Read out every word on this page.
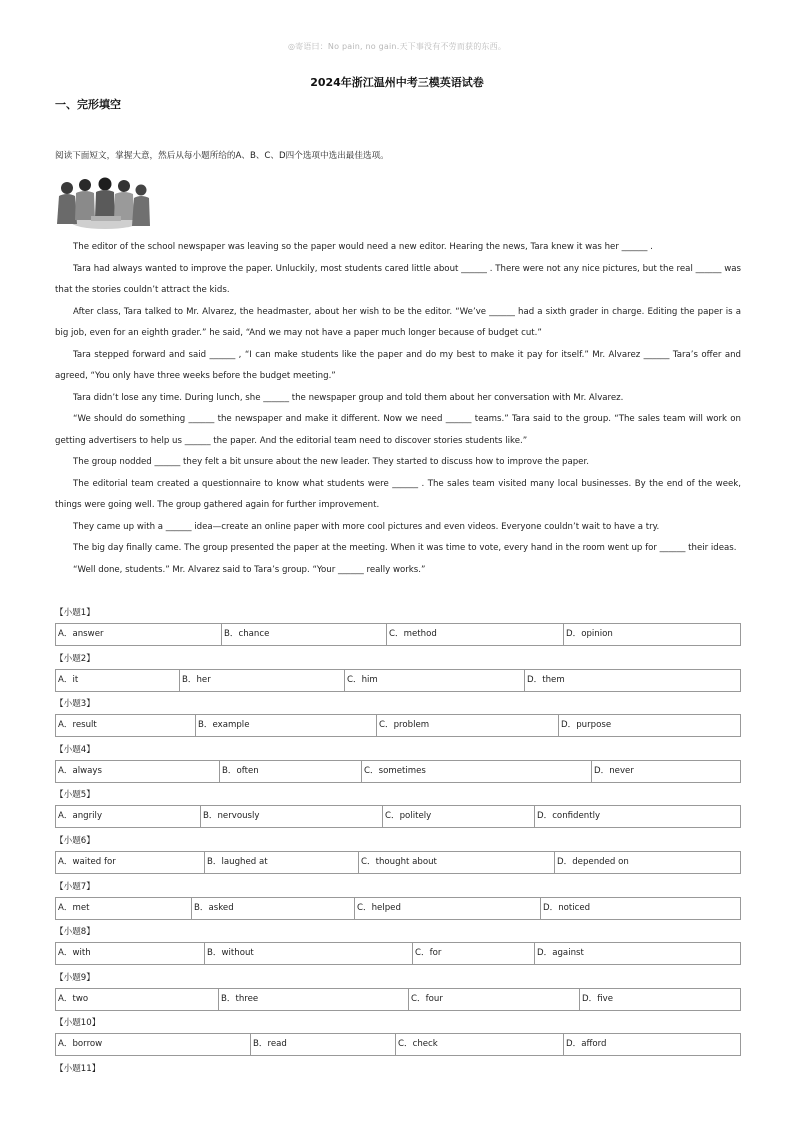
◎寄语曰：No pain, no gain.天下事没有不劳而获的东西。
2024年浙江温州中考三模英语试卷
一、完形填空
阅读下面短文，掌握大意，然后从每小题所给的A、B、C、D四个选项中选出最佳选项。

The editor of the school newspaper was leaving so the paper would need a new editor. Hearing the news, Tara knew it was her ______ .

Tara had always wanted to improve the paper. Unluckily, most students cared little about ______ . There were not any nice pictures, but the real ______ was that the stories couldn’t attract the kids.

After class, Tara talked to Mr. Alvarez, the headmaster, about her wish to be the editor. “We’ve ______ had a sixth grader in charge. Editing the paper is a big job, even for an eighth grader.” he said, “And we may not have a paper much longer because of budget cut.”

Tara stepped forward and said ______ , “I can make students like the paper and do my best to make it pay for itself.” Mr. Alvarez ______ Tara’s offer and agreed, “You only have three weeks before the budget meeting.”

Tara didn’t lose any time. During lunch, she ______ the newspaper group and told them about her conversation with Mr. Alvarez.

“We should do something ______ the newspaper and make it different. Now we need ______ teams.” Tara said to the group. “The sales team will work on getting advertisers to help us ______ the paper. And the editorial team need to discover stories students like.”

The group nodded ______ they felt a bit unsure about the new leader. They started to discuss how to improve the paper.

The editorial team created a questionnaire to know what students were ______ . The sales team visited many local businesses. By the end of the week, things were going well. The group gathered again for further improvement.

They came up with a ______ idea—create an online paper with more cool pictures and even videos. Everyone couldn’t wait to have a try.

The big day finally came. The group presented the paper at the meeting. When it was time to vote, every hand in the room went up for ______ their ideas.

“Well done, students.” Mr. Alvarez said to Tara’s group. “Your ______ really works.”

【小题1】
A．answer	B．chance	C．method	D．opinion
【小题2】
A．it	B．her	C．him	D．them
【小题3】
A．result	B．example	C．problem	D．purpose
【小题4】
A．always	B．often	C．sometimes	D．never
【小题5】
A．angrily	B．nervously	C．politely	D．confidently
【小题6】
A．waited for	B．laughed at	C．thought about	D．depended on
【小题7】
A．met	B．asked	C．helped	D．noticed
【小题8】
A．with	B．without	C．for	D．against
【小题9】
A．two	B．three	C．four	D．five
【小题10】
A．borrow	B．read	C．check	D．afford
【小题11】
